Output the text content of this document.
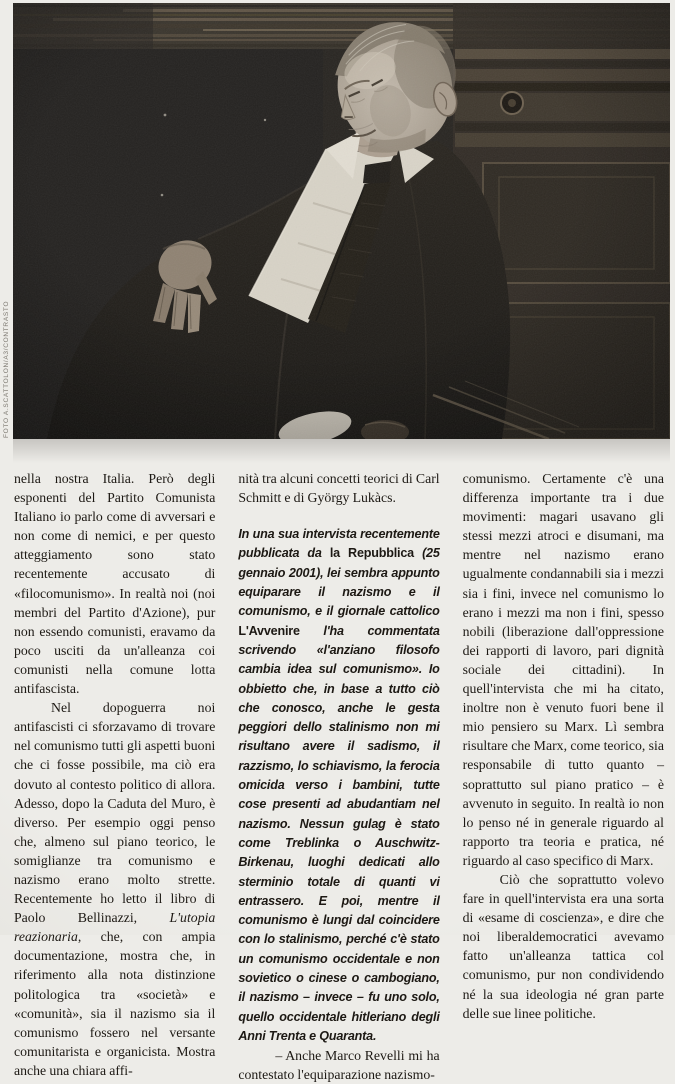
FOTO A.SCATTOLON/A3/CONTRASTO

nella nostra Italia. Però degli esponenti del Partito Comunista Italiano io parlo come di avversari e non come di nemici, e per questo atteggiamento sono stato recentemente accusato di «filocomunismo». In realtà noi (noi membri del Partito d'Azione), pur non essendo comunisti, eravamo da poco usciti da un'alleanza coi comunisti nella comune lotta antifascista.

Nel dopoguerra noi antifascisti ci sforzavamo di trovare nel comunismo tutti gli aspetti buoni che ci fosse possibile, ma ciò era dovuto al contesto politico di allora. Adesso, dopo la Caduta del Muro, è diverso. Per esempio oggi penso che, almeno sul piano teorico, le somiglianze tra comunismo e nazismo erano molto strette. Recentemente ho letto il libro di Paolo Bellinazzi, L'utopia reazionaria, che, con ampia documentazione, mostra che, in riferimento alla nota distinzione politologica tra «società» e «comunità», sia il nazismo sia il comunismo fossero nel versante comunitarista e organicista. Mostra anche una chiara affi-

nità tra alcuni concetti teorici di Carl Schmitt e di György Lukàcs.

In una sua intervista recentemente pubblicata da la Repubblica (25 gennaio 2001), lei sembra appunto equiparare il nazismo e il comunismo, e il giornale cattolico L'Avvenire l'ha commentata scrivendo «l'anziano filosofo cambia idea sul comunismo». Io obbietto che, in base a tutto ciò che conosco, anche le gesta peggiori dello stalinismo non mi risultano avere il sadismo, il razzismo, lo schiavismo, la ferocia omicida verso i bambini, tutte cose presenti ad abudantiam nel nazismo. Nessun gulag è stato come Treblinka o Auschwitz-Birkenau, luoghi dedicati allo sterminio totale di quanti vi entrassero. E poi, mentre il comunismo è lungi dal coincidere con lo stalinismo, perché c'è stato un comunismo occidentale e non sovietico o cinese o cambogiano, il nazismo – invece – fu uno solo, quello occidentale hitleriano degli Anni Trenta e Quaranta.

– Anche Marco Revelli mi ha contestato l'equiparazione nazismo-

comunismo. Certamente c'è una differenza importante tra i due movimenti: magari usavano gli stessi mezzi atroci e disumani, ma mentre nel nazismo erano ugualmente condannabili sia i mezzi sia i fini, invece nel comunismo lo erano i mezzi ma non i fini, spesso nobili (liberazione dall'oppressione dei rapporti di lavoro, pari dignità sociale dei cittadini). In quell'intervista che mi ha citato, inoltre non è venuto fuori bene il mio pensiero su Marx. Lì sembra risultare che Marx, come teorico, sia responsabile di tutto quanto – soprattutto sul piano pratico – è avvenuto in seguito. In realtà io non lo penso né in generale riguardo al rapporto tra teoria e pratica, né riguardo al caso specifico di Marx.

Ciò che soprattutto volevo fare in quell'intervista era una sorta di «esame di coscienza», e dire che noi liberaldemocratici avevamo fatto un'alleanza tattica col comunismo, pur non condividendo né la sua ideologia né gran parte delle sue linee politiche.
